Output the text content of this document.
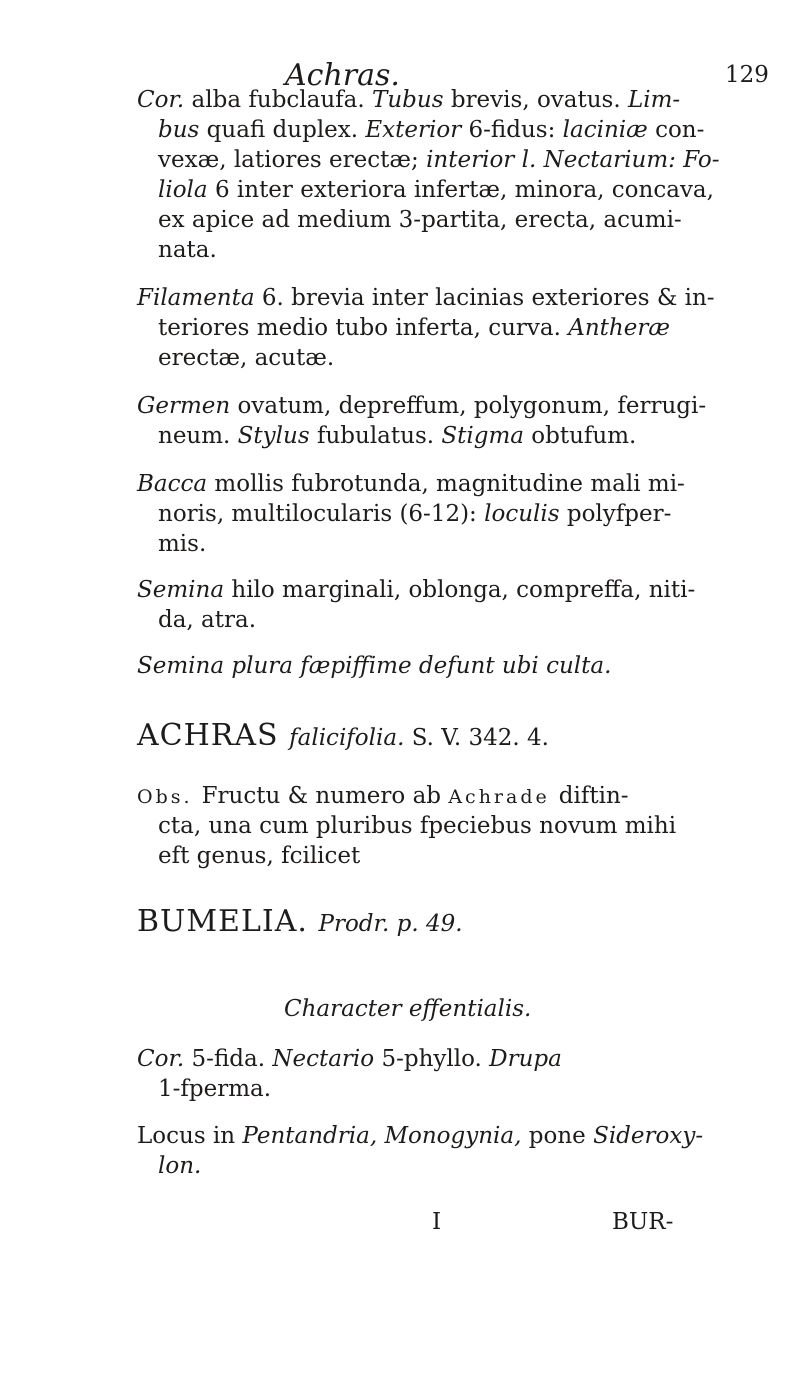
Achras.	129
Cor. alba fubclaufa. Tubus brevis, ovatus. Lim-
bus quafi duplex. Exterior 6-fidus: laciniæ con-
vexæ, latiores erectæ; interior l. Nectarium: Fo-
liola 6 inter exteriora infertæ, minora, concava,
ex apice ad medium 3-partita, erecta, acumi-
nata.
Filamenta 6. brevia inter lacinias exteriores & in-
teriores medio tubo inferta, curva. Antheræ
erectæ, acutæ.
Germen ovatum, depreffum, polygonum, ferrugi-
neum. Stylus fubulatus. Stigma obtufum.
Bacca mollis fubrotunda, magnitudine mali mi-
noris, multilocularis (6-12): loculis polyfper-
mis.
Semina hilo marginali, oblonga, compreffa, niti-
da, atra.
Semina plura fæpiffime defunt ubi culta.
ACHRAS falicifolia. S. V. 342. 4.
Obs. Fructu & numero ab Achrade diftin-
cta, una cum pluribus fpeciebus novum mihi
eft genus, fcilicet
BUMELIA. Prodr. p. 49.
Character effentialis.
Cor. 5-fida. Nectario 5-phyllo. Drupa
1-fperma.
Locus in Pentandria, Monogynia, pone Sideroxy-
lon.
I	BUR-
